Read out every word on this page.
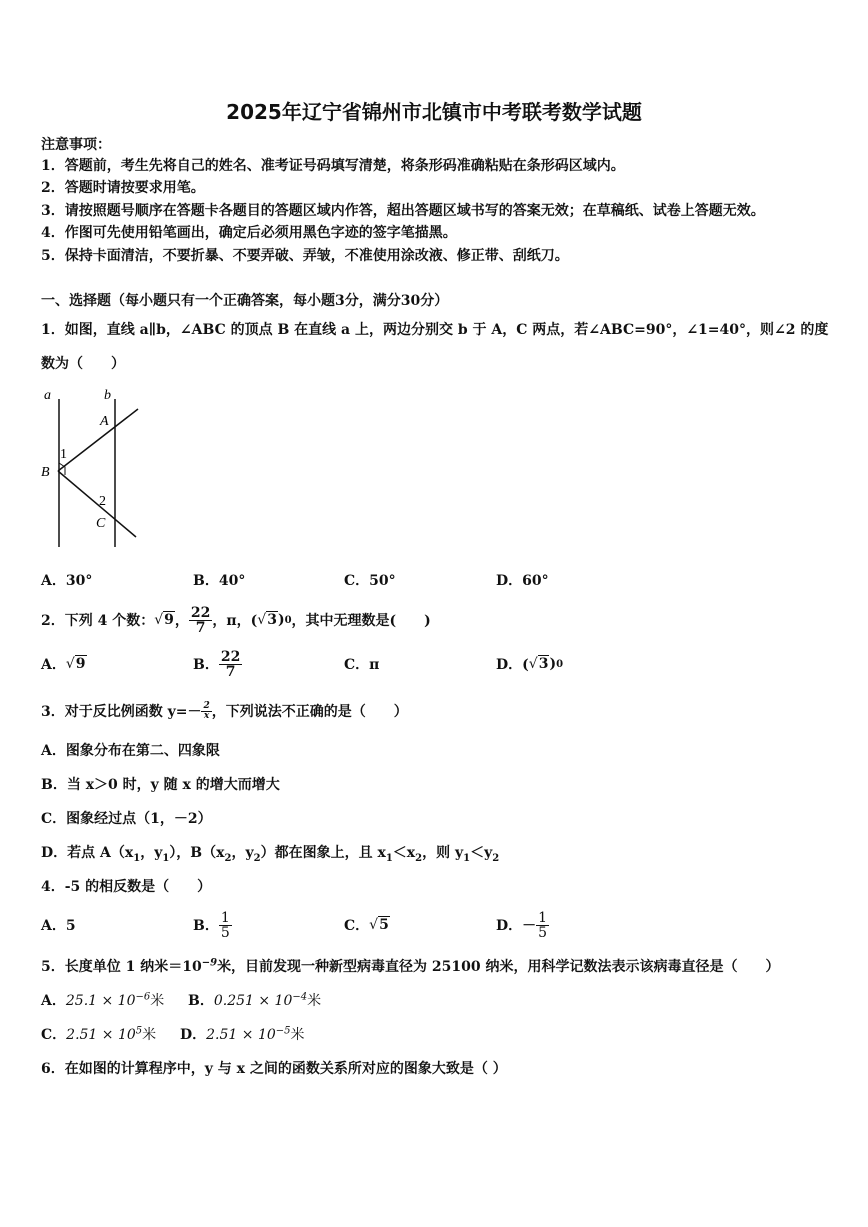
2025年辽宁省锦州市北镇市中考联考数学试题
注意事项：
1．答题前，考生先将自己的姓名、准考证号码填写清楚，将条形码准确粘贴在条形码区域内。
2．答题时请按要求用笔。
3．请按照题号顺序在答题卡各题目的答题区域内作答，超出答题区域书写的答案无效；在草稿纸、试卷上答题无效。
4．作图可先使用铅笔画出，确定后必须用黑色字迹的签字笔描黑。
5．保持卡面清洁，不要折暴、不要弄破、弄皱，不准使用涂改液、修正带、刮纸刀。
一、选择题（每小题只有一个正确答案，每小题3分，满分30分）
1．如图，直线 a∥b，∠ABC 的顶点 B 在直线 a 上，两边分别交 b 于 A，C 两点，若∠ABC=90°，∠1=40°，则∠2 的度
数为（　　）
a	b
A
B
C
1
2
A．30°	B．40°	C．50°	D．60°
2．下列 4 个数： √9 ， $\frac{22}{7}$ ，π，( √3 ) 0 ，其中无理数是(　　)
A． √9	B． $\frac{22}{7}$	C．π	D．( √3 ) 0
3．对于反比例函数 $y=- \frac{2}{x}$ ，下列说法不正确的是（　　）
A．图象分布在第二、四象限
B．当 x＞0 时，y 随 x 的增大而增大
C．图象经过点（1，－2）
D．若点 $A(x_1$，$y_1$），$B(x_2$，$y_2$）都在图象上，且 $x_1<x_2$，则 $y_1<y_2$
4．-5 的相反数是（　　）
A．5	B． $\frac{1}{5}$	C． √5	D．－ $\frac{1}{5}$
5．长度单位 1 纳米$=10^{-9}$米，目前发现一种新型病毒直径为 25100 纳米，用科学记数法表示该病毒直径是（　　）
A．$25.1 \times 10^{-6}$米 B．$0.251 \times 10^{-4}$米
C．$2.51 \times 10^5$米 D．$2.51 \times 10^{-5}$米
6．在如图的计算程序中，y 与 x 之间的函数关系所对应的图象大致是（ ）
